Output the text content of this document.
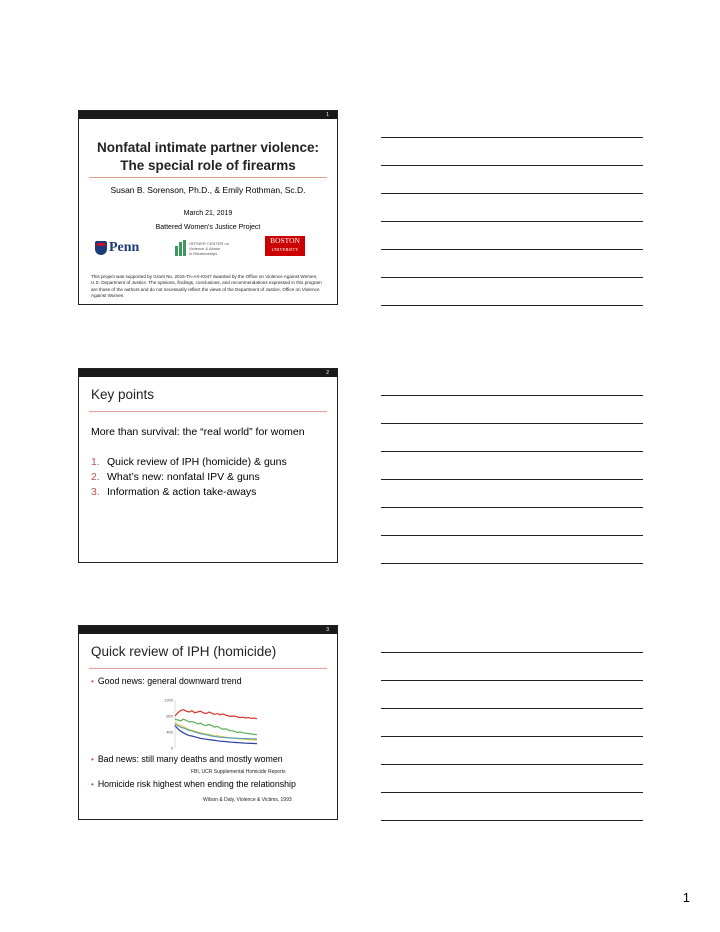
1
Nonfatal intimate partner violence:
The special role of firearms
Susan B. Sorenson, Ph.D., & Emily Rothman, Sc.D.
March 21, 2019
Battered Women’s Justice Project
Penn	ORTNER CENTER on
Violence & Abuse
in Relationships
BOSTON
UNIVERSITY
This project was supported by Grant No. 2016-TA-AX-K047 awarded by the Office on Violence Against Women, U.S. Department of Justice. The opinions, findings, conclusions, and recommendations expressed in this program are those of the authors and do not necessarily reflect the views of the Department of Justice, Office on Violence Against Women.
2
Key points
More than survival: the “real world” for women
1. Quick review of IPH (homicide) & guns
2. What’s new: nonfatal IPV & guns
3. Information & action take-aways
3
Quick review of IPH (homicide)
• Good news: general downward trend
1200
800
400
0
• Bad news: still many deaths and mostly women
FBI, UCR Supplemental Homicide Reports
• Homicide risk highest when ending the relationship
Wilson & Daly, Violence & Victims, 1993
1
